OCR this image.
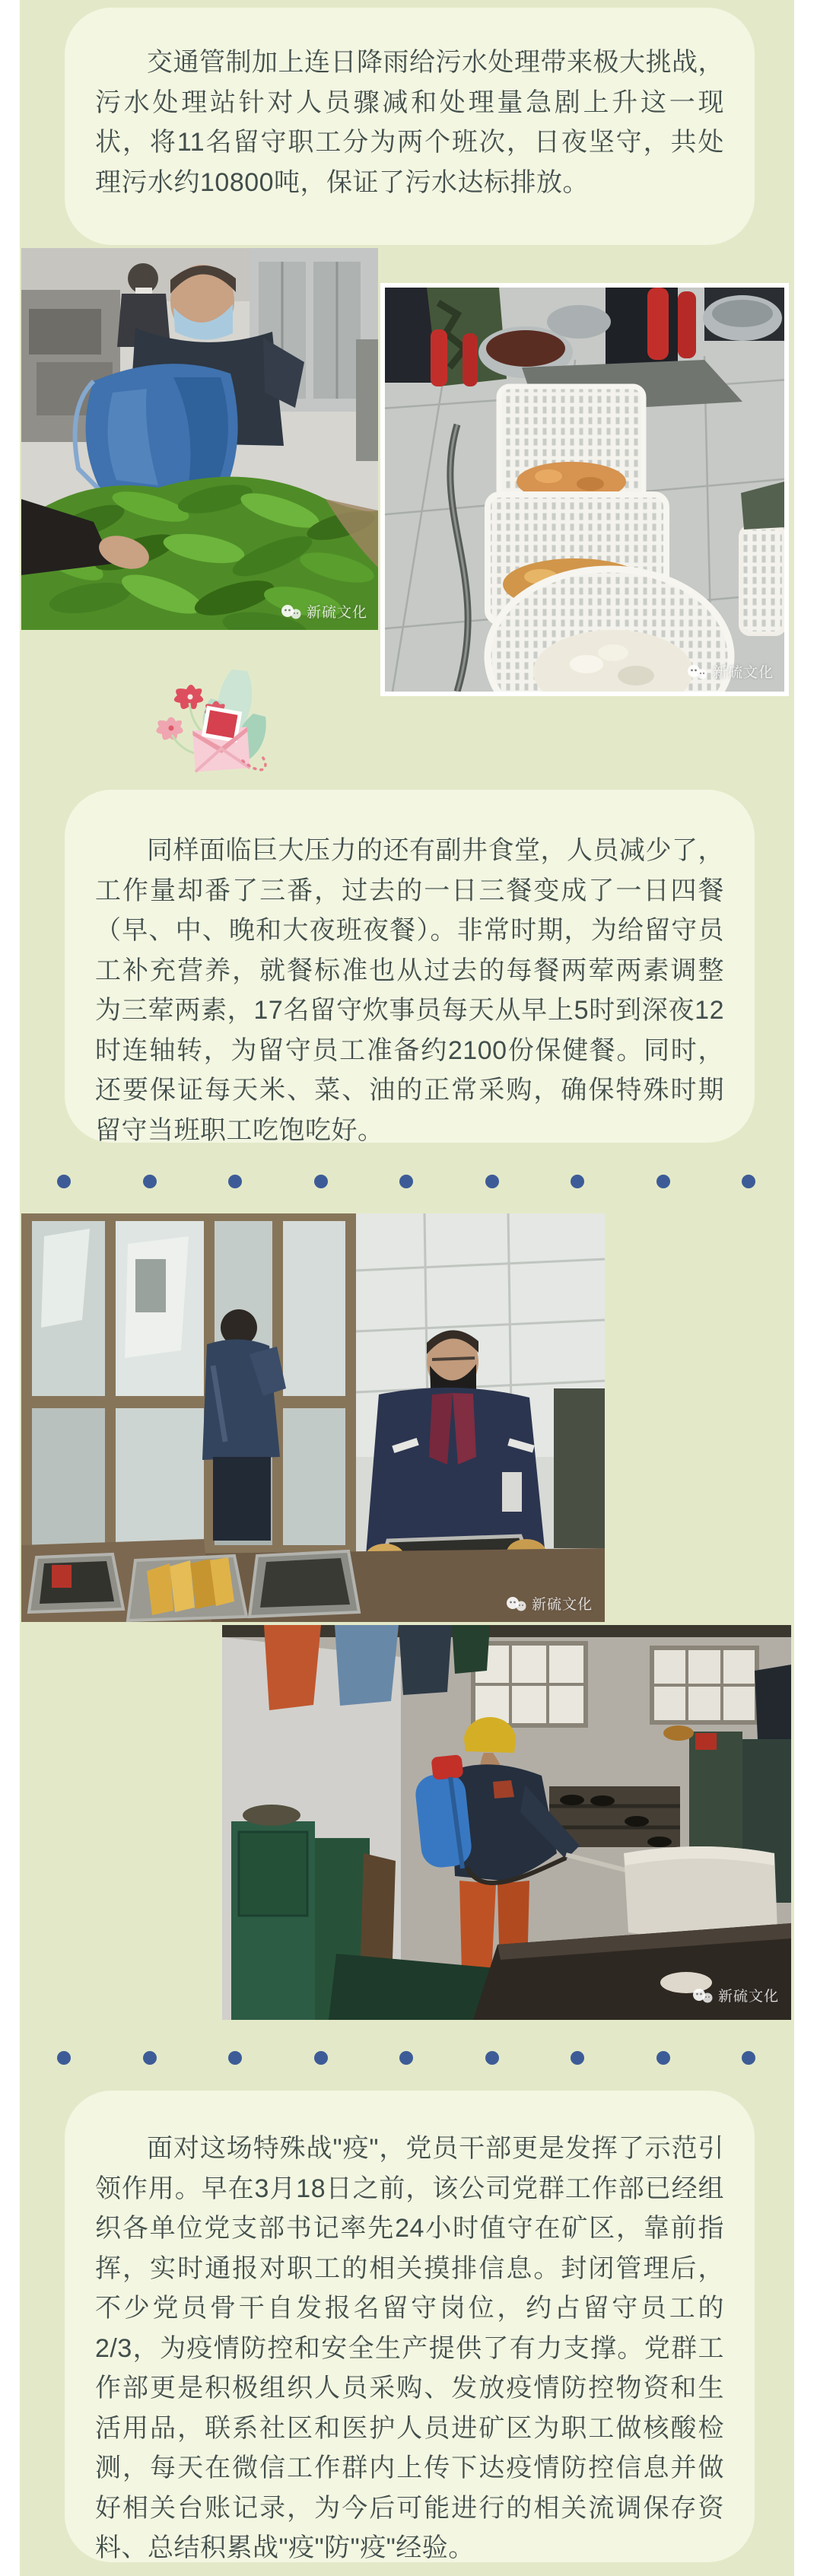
交通管制加上连日降雨给污水处理带来极大挑战，污水处理站针对人员骤减和处理量急剧上升这一现状，将11名留守职工分为两个班次，日夜坚守，共处理污水约10800吨，保证了污水达标排放。

新硫文化
新硫文化

同样面临巨大压力的还有副井食堂，人员减少了，工作量却番了三番，过去的一日三餐变成了一日四餐（早、中、晚和大夜班夜餐）。非常时期，为给留守员工补充营养，就餐标准也从过去的每餐两荤两素调整为三荤两素，17名留守炊事员每天从早上5时到深夜12时连轴转，为留守员工准备约2100份保健餐。同时，还要保证每天米、菜、油的正常采购，确保特殊时期留守当班职工吃饱吃好。

新硫文化
新硫文化

面对这场特殊战"疫"，党员干部更是发挥了示范引领作用。早在3月18日之前，该公司党群工作部已经组织各单位党支部书记率先24小时值守在矿区，靠前指挥，实时通报对职工的相关摸排信息。封闭管理后，不少党员骨干自发报名留守岗位，约占留守员工的2/3，为疫情防控和安全生产提供了有力支撑。党群工作部更是积极组织人员采购、发放疫情防控物资和生活用品，联系社区和医护人员进矿区为职工做核酸检测，每天在微信工作群内上传下达疫情防控信息并做好相关台账记录，为今后可能进行的相关流调保存资料、总结积累战"疫"防"疫"经验。
